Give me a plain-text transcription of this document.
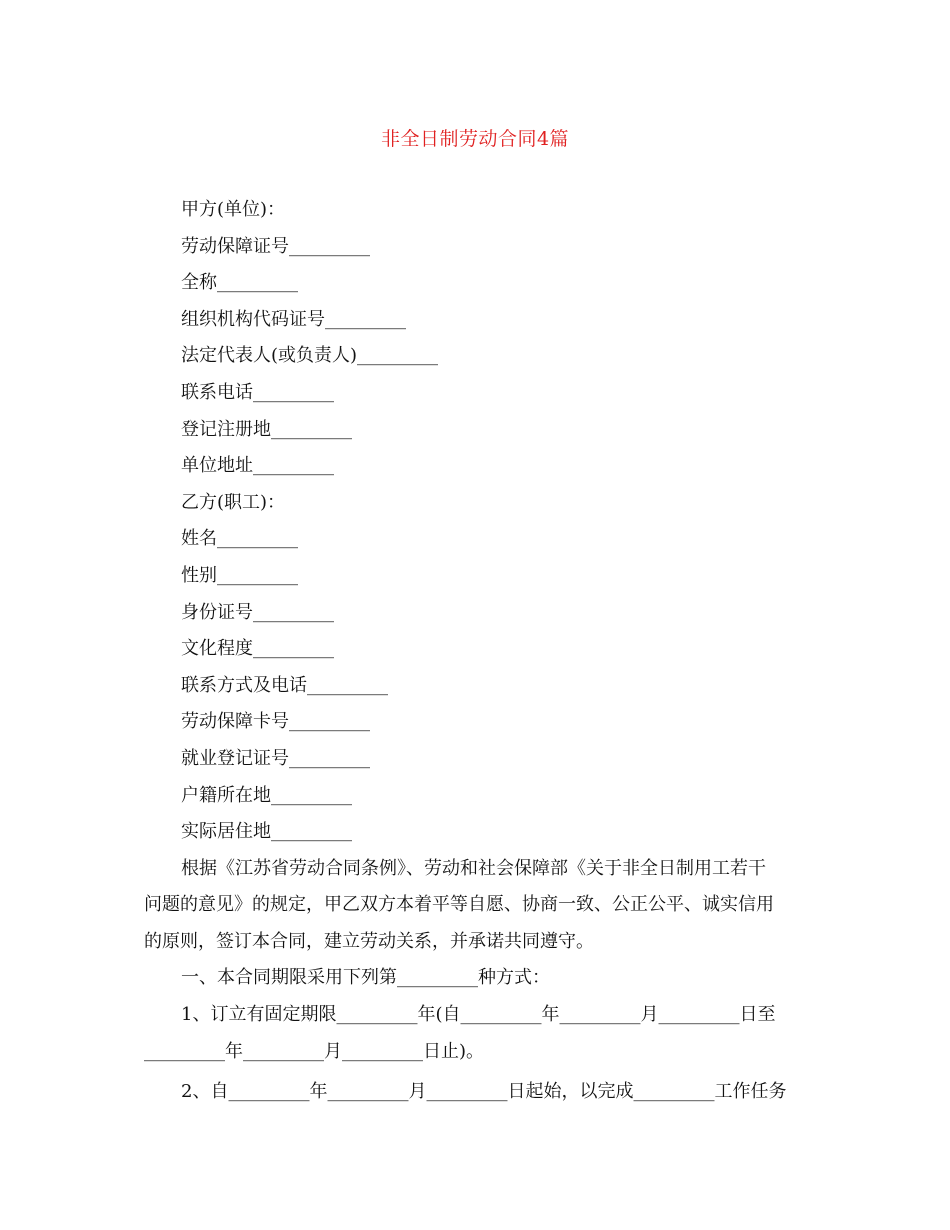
非全日制劳动合同4篇
甲方(单位)：
劳动保障证号_________
全称_________
组织机构代码证号_________
法定代表人(或负责人)_________
联系电话_________
登记注册地_________
单位地址_________
乙方(职工)：
姓名_________
性别_________
身份证号_________
文化程度_________
联系方式及电话_________
劳动保障卡号_________
就业登记证号_________
户籍所在地_________
实际居住地_________
根据《江苏省劳动合同条例》、劳动和社会保障部《关于非全日制用工若干
问题的意见》的规定，甲乙双方本着平等自愿、协商一致、公正公平、诚实信用
的原则，签订本合同，建立劳动关系，并承诺共同遵守。
一、本合同期限采用下列第_________种方式：
1、订立有固定期限_________年(自_________年_________月_________日至
_________年_________月_________日止)。
2、自_________年_________月_________日起始，以完成_________工作任务
